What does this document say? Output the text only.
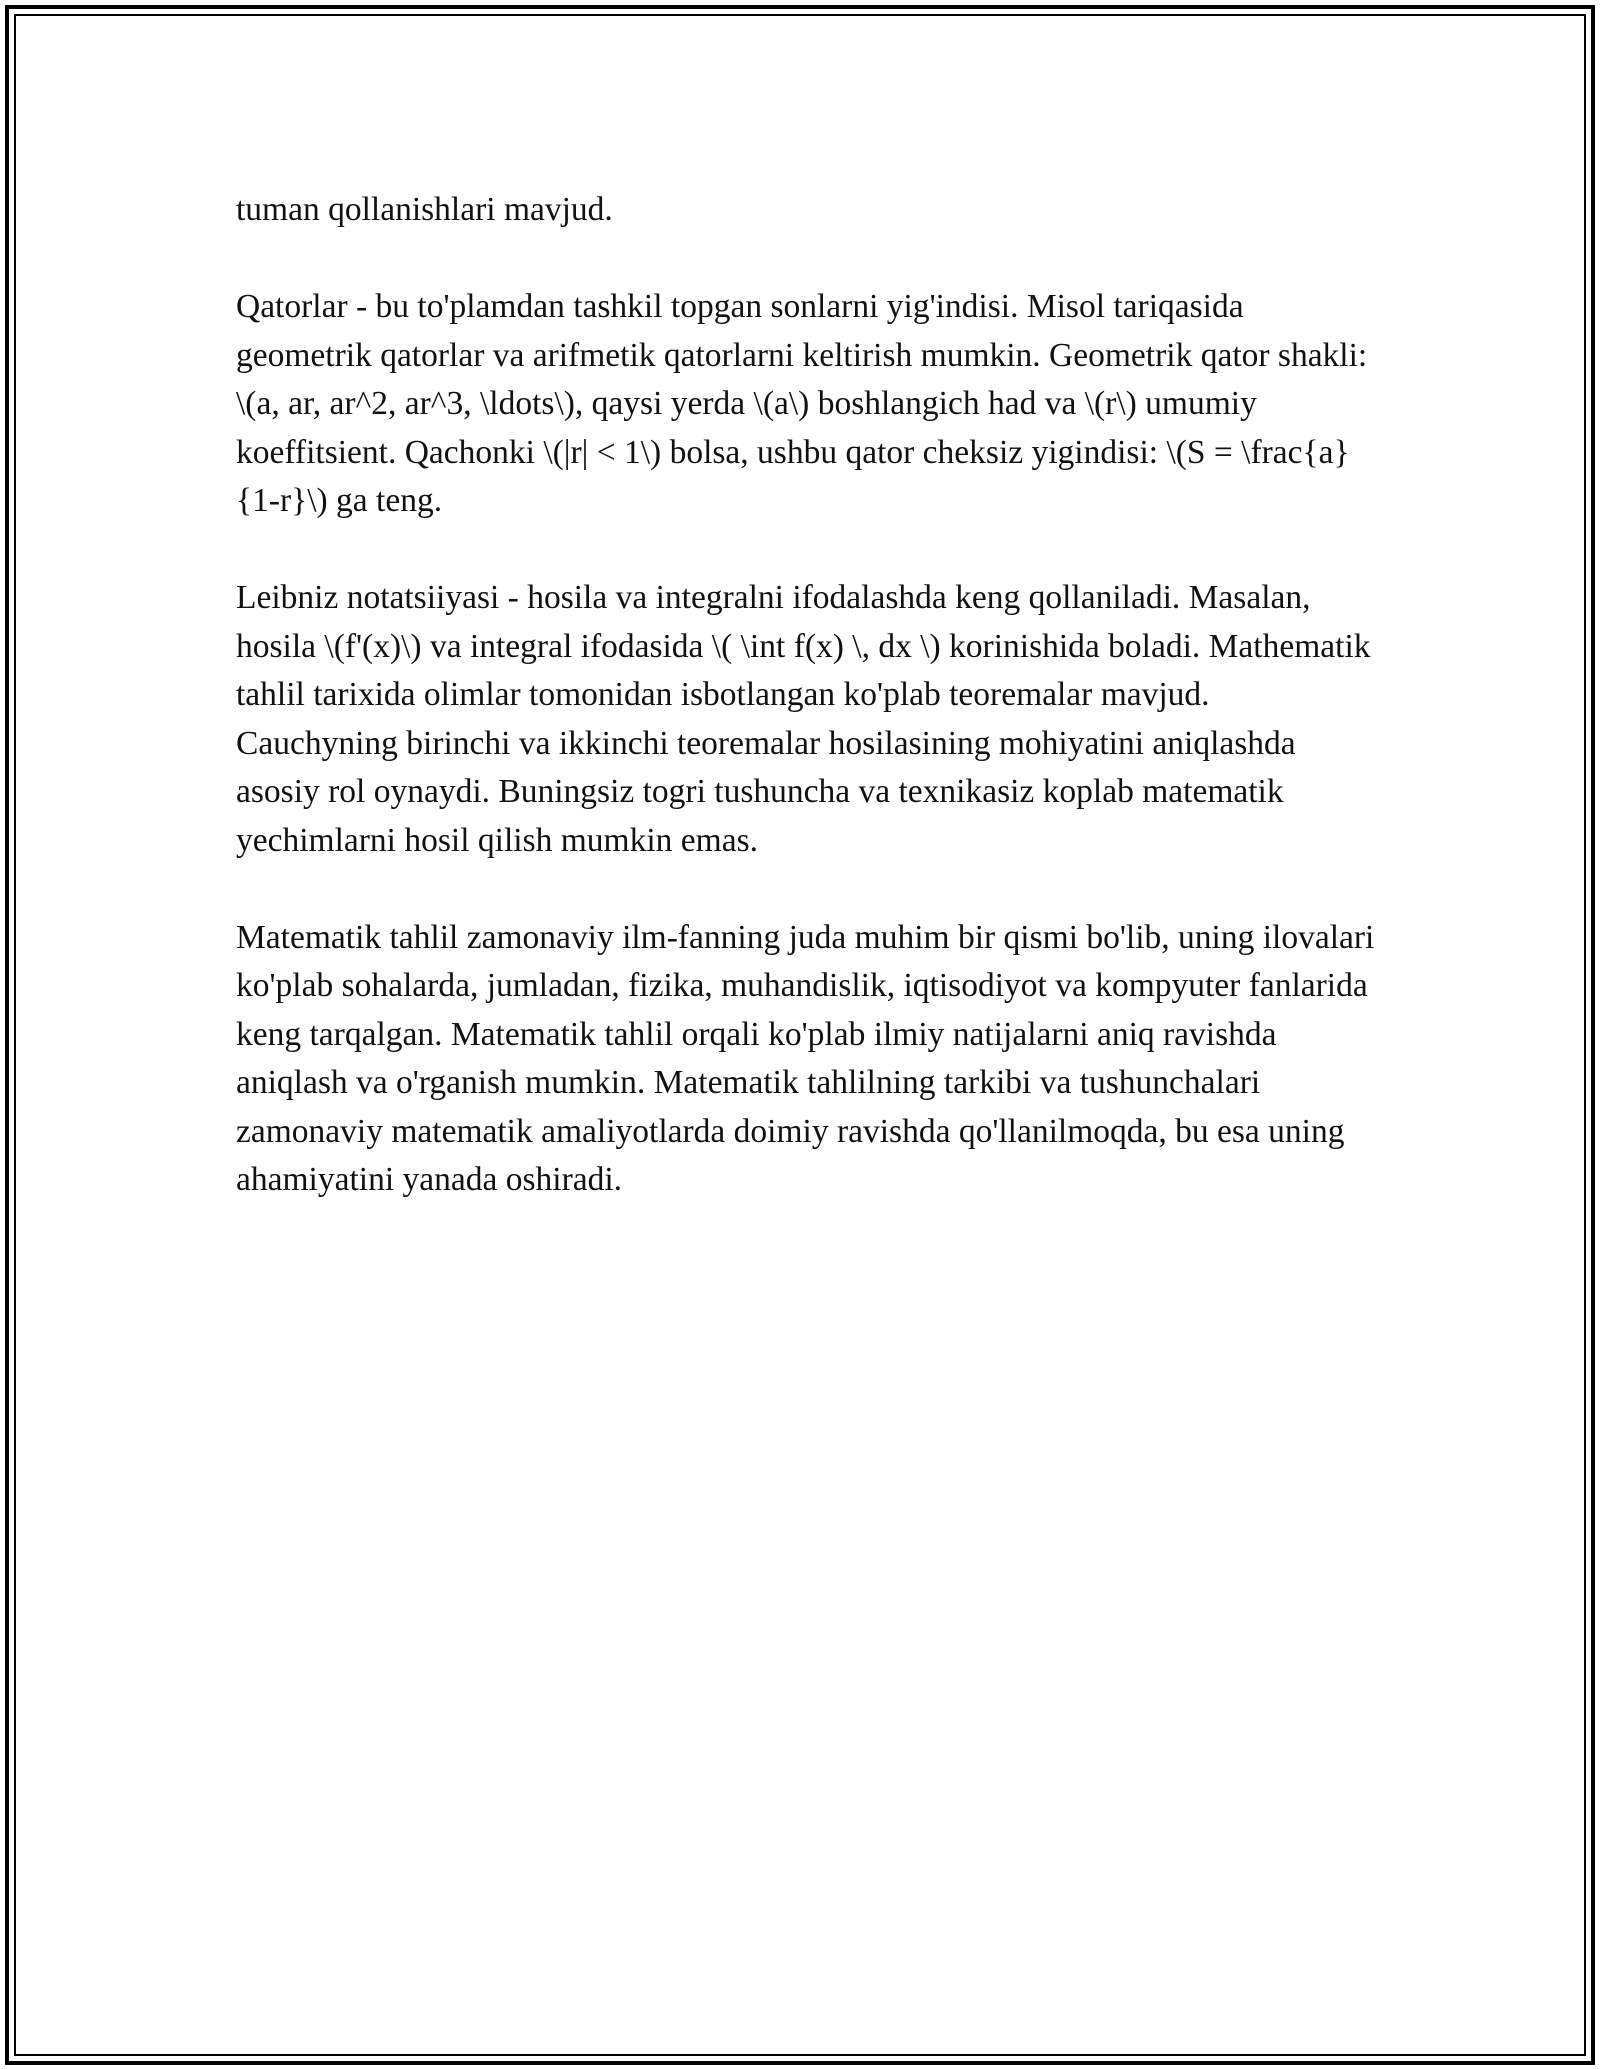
tuman qollanishlari mavjud.

Qatorlar - bu to'plamdan tashkil topgan sonlarni yig'indisi. Misol tariqasida geometrik qatorlar va arifmetik qatorlarni keltirish mumkin. Geometrik qator shakli: \(a, ar, ar^2, ar^3, \ldots\), qaysi yerda \(a\) boshlangich had va \(r\) umumiy koeffitsient. Qachonki \(|r| < 1\) bolsa, ushbu qator cheksiz yigindisi: \(S = \frac{a}{1-r}\) ga teng.

Leibniz notatsiiyasi - hosila va integralni ifodalashda keng qollaniladi. Masalan, hosila \(f'(x)\) va integral ifodasida \( \int f(x) \, dx \) korinishida boladi. Mathematik tahlil tarixida olimlar tomonidan isbotlangan ko'plab teoremalar mavjud. Cauchyning birinchi va ikkinchi teoremalar hosilasining mohiyatini aniqlashda asosiy rol oynaydi. Buningsiz togri tushuncha va texnikasiz koplab matematik yechimlarni hosil qilish mumkin emas.

Matematik tahlil zamonaviy ilm-fanning juda muhim bir qismi bo'lib, uning ilovalari ko'plab sohalarda, jumladan, fizika, muhandislik, iqtisodiyot va kompyuter fanlarida keng tarqalgan. Matematik tahlil orqali ko'plab ilmiy natijalarni aniq ravishda aniqlash va o'rganish mumkin. Matematik tahlilning tarkibi va tushunchalari zamonaviy matematik amaliyotlarda doimiy ravishda qo'llanilmoqda, bu esa uning ahamiyatini yanada oshiradi.
